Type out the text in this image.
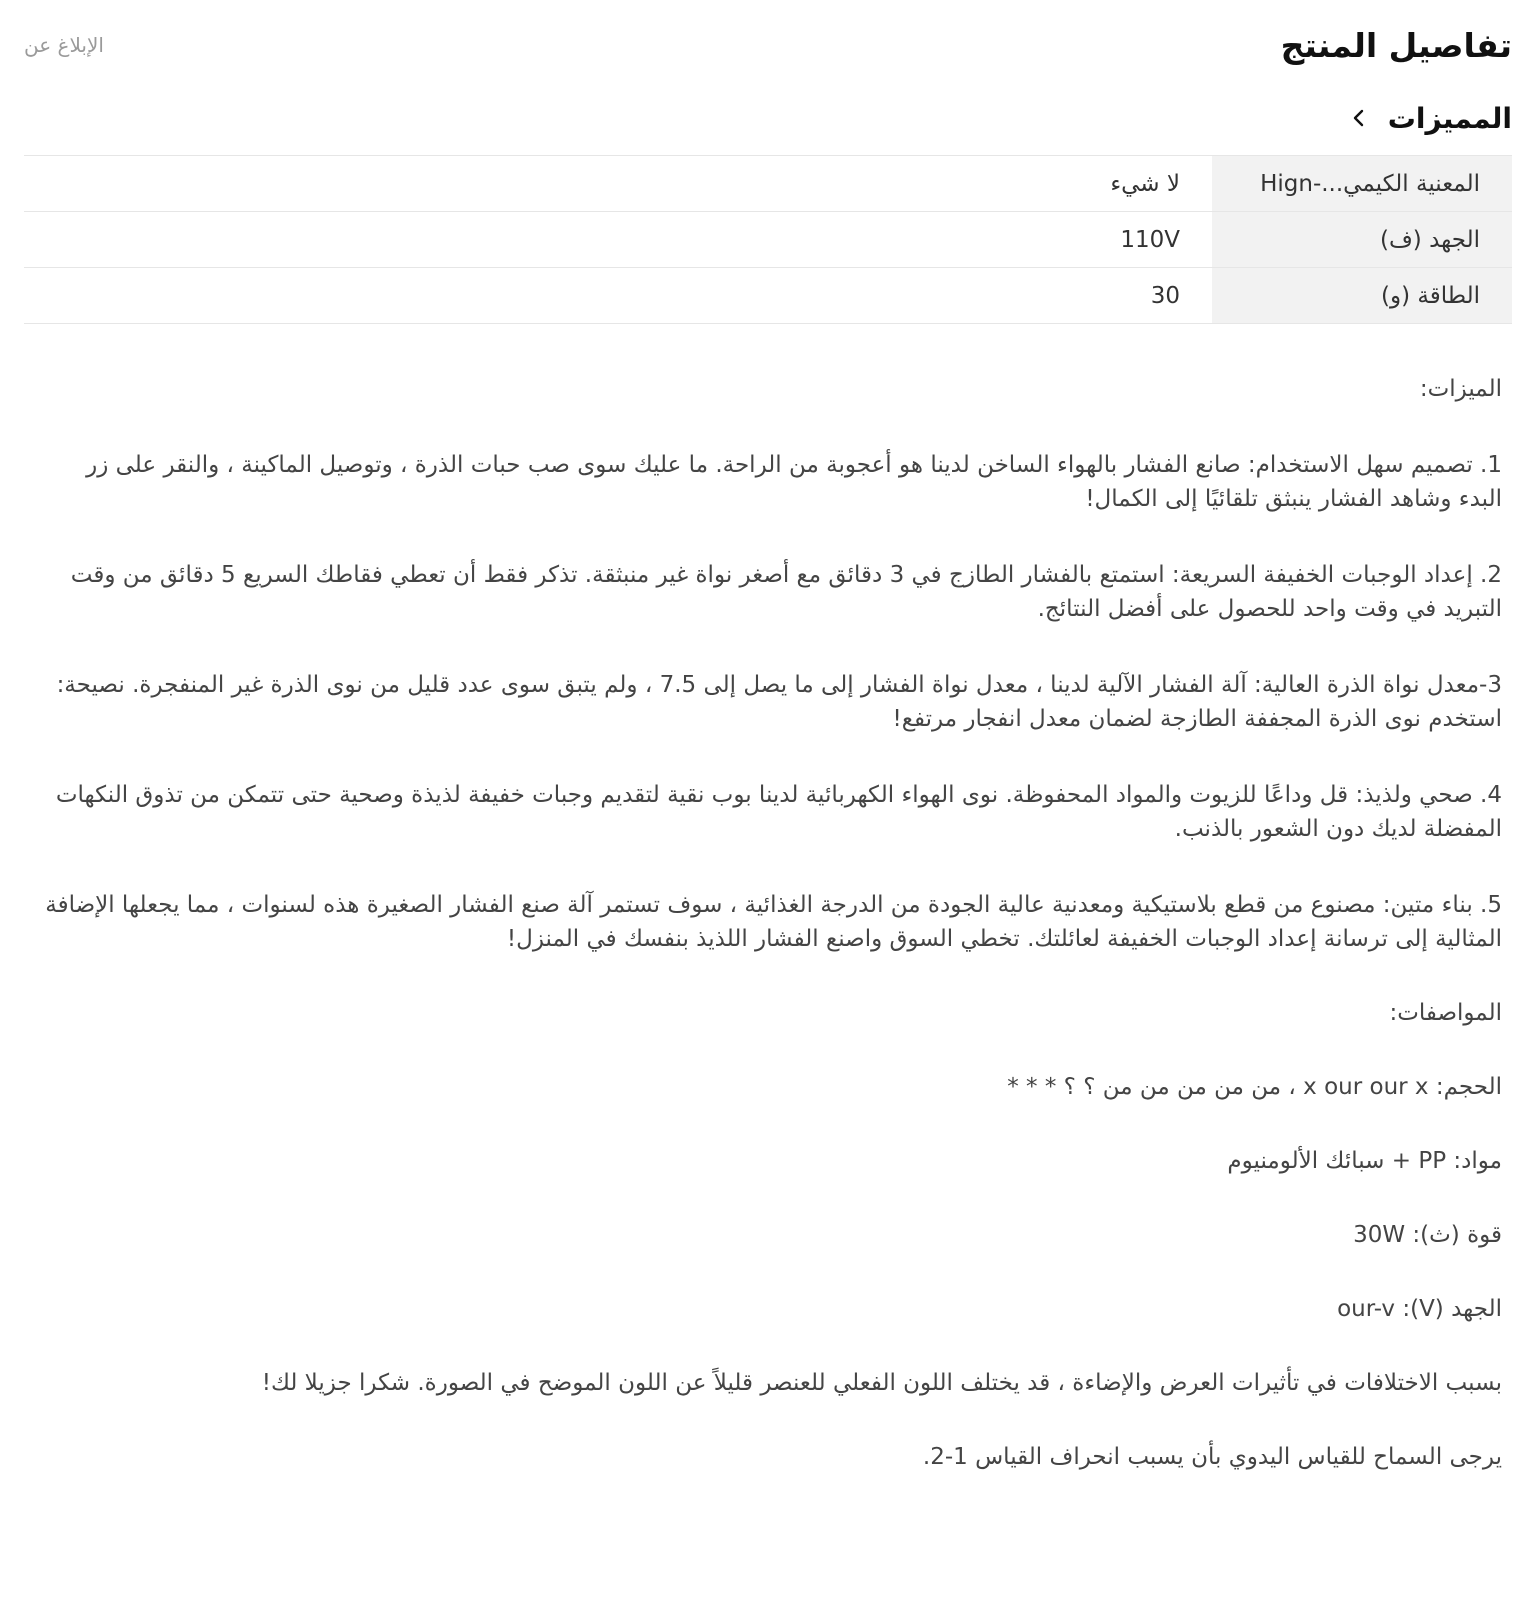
تفاصيل المنتج
الإبلاغ عن
المميزات
المعنية الكيمي...-Hign
لا شيء
الجهد (ف)
110V
الطاقة (و)
30

الميزات:

1. تصميم سهل الاستخدام: صانع الفشار بالهواء الساخن لدينا هو أعجوبة من الراحة. ما عليك سوى صب حبات الذرة ، وتوصيل الماكينة ، والنقر على زر البدء وشاهد الفشار ينبثق تلقائيًا إلى الكمال!

2. إعداد الوجبات الخفيفة السريعة: استمتع بالفشار الطازج في 3 دقائق مع أصغر نواة غير منبثقة. تذكر فقط أن تعطي فقاطك السريع 5 دقائق من وقت التبريد في وقت واحد للحصول على أفضل النتائج.

3-معدل نواة الذرة العالية: آلة الفشار الآلية لدينا ، معدل نواة الفشار إلى ما يصل إلى 7.5 ، ولم يتبق سوى عدد قليل من نوى الذرة غير المنفجرة. نصيحة: استخدم نوى الذرة المجففة الطازجة لضمان معدل انفجار مرتفع!

4. صحي ولذيذ: قل وداعًا للزيوت والمواد المحفوظة. نوى الهواء الكهربائية لدينا بوب نقية لتقديم وجبات خفيفة لذيذة وصحية حتى تتمكن من تذوق النكهات المفضلة لديك دون الشعور بالذنب.

5. بناء متين: مصنوع من قطع بلاستيكية ومعدنية عالية الجودة من الدرجة الغذائية ، سوف تستمر آلة صنع الفشار الصغيرة هذه لسنوات ، مما يجعلها الإضافة المثالية إلى ترسانة إعداد الوجبات الخفيفة لعائلتك. تخطي السوق واصنع الفشار اللذيذ بنفسك في المنزل!

المواصفات:

الحجم: x our our x ، من من من من من ؟ ؟ * * *

مواد: PP + سبائك الألومنيوم

قوة (ث): 30W

الجهد (V): our-v

بسبب الاختلافات في تأثيرات العرض والإضاءة ، قد يختلف اللون الفعلي للعنصر قليلاً عن اللون الموضح في الصورة. شكرا جزيلا لك!

يرجى السماح للقياس اليدوي بأن يسبب انحراف القياس 1-2.
